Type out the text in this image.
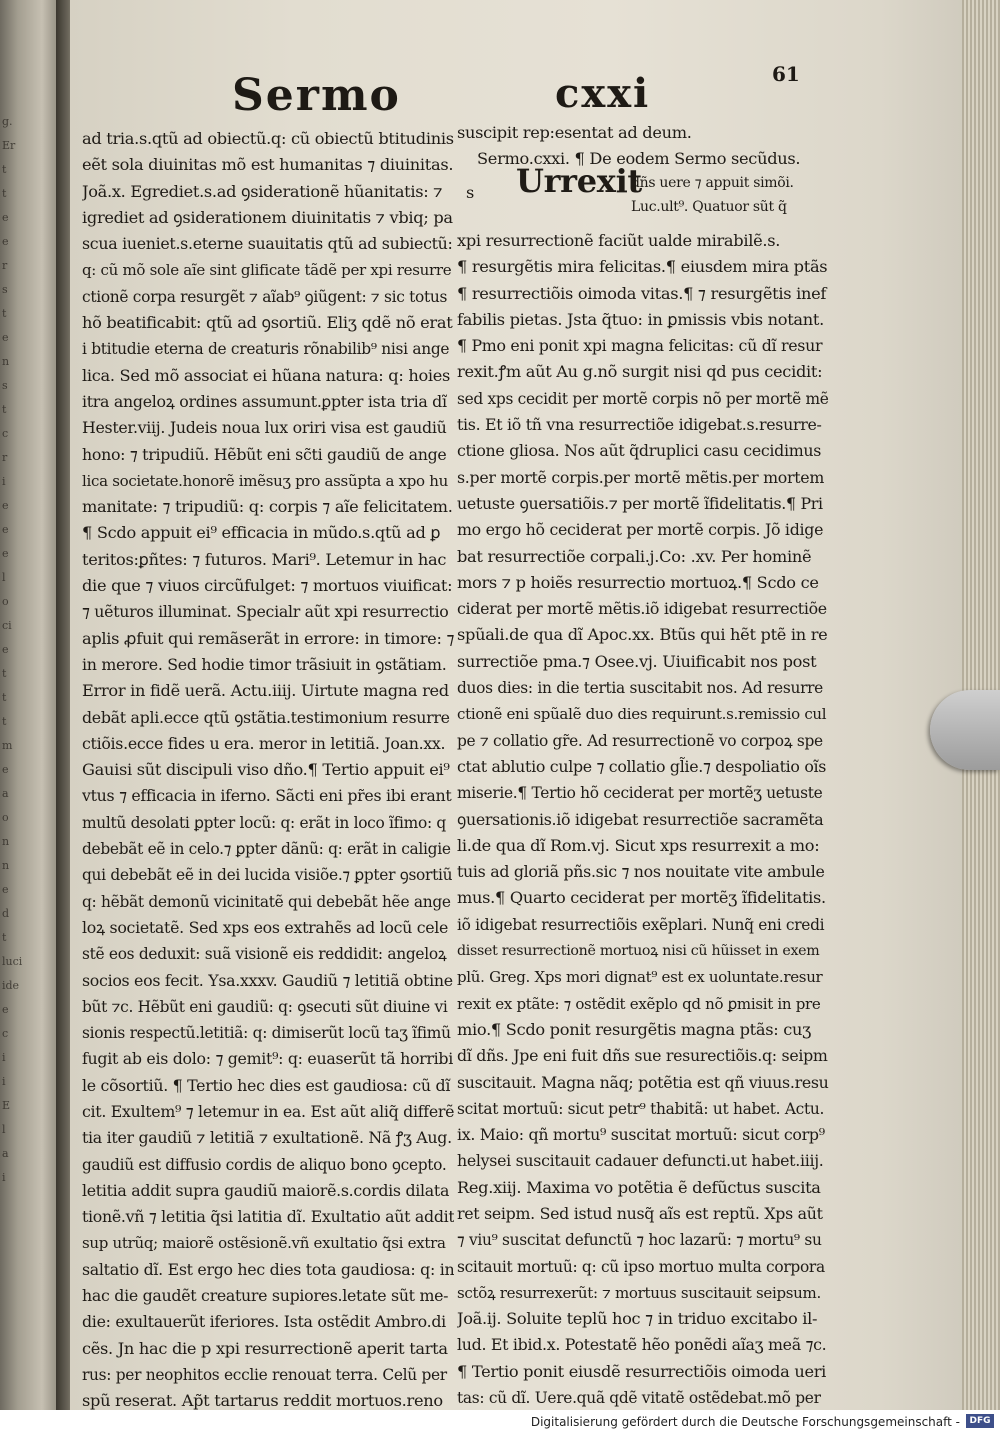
g.
Er
t
t
e
e
r
s
t
e
n
s
t
c
r
i
e
e
e
l
o
ci
e
t
t
t
m
e
a
o
n
n
e
d
t
luci
ide
e
c
i
i
E
l
a
i
Sermo	cxxi	61
ad tria.s.qtũ ad obiectũ.q: cũ obiectũ btitudinis
eẽt sola diuinitas mõ est humanitas ⁊ diuinitas.
Joã.x. Egrediet.s.ad ꝯsiderationẽ hũanitatis: ⁊
igrediet ad ꝯsiderationem diuinitatis ⁊ vbiq; pa
scua iueniet.s.eterne suauitatis qtũ ad subiectũ:
q: cũ mõ sole aĩe sint glificate tãdẽ per xpi resurre
ctionẽ corpa resurgẽt ⁊ aĩab⁹ ꝯiũgent: ⁊ sic totus
hõ beatificabit: qtũ ad ꝯsortiũ. Eliʒ qdẽ nõ erat
i btitudie eterna de creaturis rõnabilib⁹ nisi ange
lica. Sed mõ associat ei hũana natura: q: hoies
itra angeloꝝ ordines assumunt.ꝑpter ista tria dĩ
Hester.viij. Judeis noua lux oriri visa est gaudiũ
hono: ⁊ tripudiũ. Hẽbũt eni sc̃ti gaudiũ de ange
lica societate.honorẽ imẽsuʒ pro assũpta a xpo hu
manitate: ⁊ tripudiũ: q: corpis ⁊ aĩe felicitatem.
¶ Scdo appuit ei⁹ efficacia in mũdo.s.qtũ ad ꝑ
teritos:ꝑñtes: ⁊ futuros. Mari⁹. Letemur in hac
die que ⁊ viuos circũfulget: ⁊ mortuos viuificat:
⁊ uẽturos illuminat. Specialr aũt xpi resurrectio
aplis ꝓfuit qui remãserãt in errore: in timore: ⁊
in merore. Sed hodie timor trãsiuit in ꝯstãtiam.
Error in fidẽ uerã. Actu.iiij. Uirtute magna red
debãt apli.ecce qtũ ꝯstãtia.testimonium resurre
ctiõis.ecce fides u era. meror in letitiã. Joan.xx.
Gauisi sũt discipuli viso dño.¶ Tertio appuit ei⁹
vtus ⁊ efficacia in iferno. Sãcti eni pr̃es ibi erant
multũ desolati ꝑpter locũ: q: erãt in loco ĩfimo: q
debebãt eẽ in celo.⁊ ꝑpter dãnũ: q: erãt in caligie
qui debebãt eẽ in dei lucida visiõe.⁊ ꝑpter ꝯsortiũ
q: hẽbãt demonũ vicinitatẽ qui debebãt hẽe ange
loꝝ societatẽ. Sed xps eos extrahẽs ad locũ cele
stẽ eos deduxit: suã visionẽ eis reddidit: angeloꝝ
socios eos fecit. Ysa.xxxv. Gaudiũ ⁊ letitiã obtine
bũt ⁊c. Hẽbũt eni gaudiũ: q: ꝯsecuti sũt diuine vi
sionis respectũ.letitiã: q: dimiserũt locũ taʒ ĩfimũ
fugit ab eis dolo: ⁊ gemit⁹: q: euaserũt tã horribi
le cõsortiũ. ¶ Tertio hec dies est gaudiosa: cũ dĩ
cit. Exultem⁹ ⁊ letemur in ea. Est aũt aliq̃ differẽ
tia iter gaudiũ ⁊ letitiã ⁊ exultationẽ. Nã ꝭʒ Aug.
gaudiũ est diffusio cordis de aliquo bono ꝯcepto.
letitia addit supra gaudiũ maiorẽ.s.cordis dilata
tionẽ.vñ ⁊ letitia q̃si latitia dĩ. Exultatio aũt addit
sup utrũq; maiorẽ ostẽsionẽ.vñ exultatio q̃si extra
saltatio dĩ. Est ergo hec dies tota gaudiosa: q: in
hac die gaudẽt creature supiores.letate sũt me-
die: exultauerũt iferiores. Ista ostẽdit Ambro.di
cẽs. Jn hac die p xpi resurrectionẽ aperit tarta
rus: per neophitos ecclie renouat terra. Celũ per
spũ reserat. Ap̃t tartarus reddit mortuos.reno
suscipit rep:esentat ad deum.
Sermo.cxxi. ¶ De eodem Sermo secũdus.
s Urrexit
dñs uere ⁊ appuit simõi.
Luc.ult⁹. Quatuor sũt q̃
xpi resurrectionẽ faciũt ualde mirabilẽ.s.
¶ resurgẽtis mira felicitas.¶ eiusdem mira ptãs
¶ resurrectiõis oimoda vitas.¶ ⁊ resurgẽtis inef
fabilis pietas. Jsta q̃tuo: in ꝑmissis vbis notant.
¶ Pmo eni ponit xpi magna felicitas: cũ dĩ resur
rexit.ꝭm aũt Au g.nõ surgit nisi qd pus cecidit:
sed xps cecidit per mortẽ corpis nõ per mortẽ mẽ
tis. Et iõ tñ vna resurrectiõe idigebat.s.resurre-
ctione gliosa. Nos aũt q̃druplici casu cecidimus
s.per mortẽ corpis.per mortẽ mẽtis.per mortem
uetuste ꝯuersatiõis.⁊ per mortẽ ĩfidelitatis.¶ Pri
mo ergo hõ ceciderat per mortẽ corpis. Jõ idige
bat resurrectiõe corpali.j.Co: .xv. Per hominẽ
mors ⁊ p hoiẽs resurrectio mortuoꝝ.¶ Scdo ce
ciderat per mortẽ mẽtis.iõ idigebat resurrectiõe
spũali.de qua dĩ Apoc.xx. Btũs qui hẽt ptẽ in re
surrectiõe pma.⁊ Osee.vj. Uiuificabit nos post
duos dies: in die tertia suscitabit nos. Ad resurre
ctionẽ eni spũalẽ duo dies requirunt.s.remissio cul
pe ⁊ collatio gr̃e. Ad resurrectionẽ vo corpoꝝ spe
ctat ablutio culpe ⁊ collatio gl̃ie.⁊ despoliatio oĩs
miserie.¶ Tertio hõ ceciderat per mortẽʒ uetuste
ꝯuersationis.iõ idigebat resurrectiõe sacramẽta
li.de qua dĩ Rom.vj. Sicut xps resurrexit a mo:
tuis ad gloriã pñs.sic ⁊ nos nouitate vite ambule
mus.¶ Quarto ceciderat per mortẽʒ ĩfidelitatis.
iõ idigebat resurrectiõis exẽplari. Nunq̃ eni credi
disset resurrectionẽ mortuoꝝ nisi cũ hũisset in exem
plũ. Greg. Xps mori dignat⁹ est ex uoluntate.resur
rexit ex ptãte: ⁊ ostẽdit exẽplo qd nõ ꝑmisit in pre
mio.¶ Scdo ponit resurgẽtis magna ptãs: cuʒ
dĩ dñs. Jpe eni fuit dñs sue resurectiõis.q: seipm
suscitauit. Magna nãq; potẽtia est qñ viuus.resu
scitat mortuũ: sicut petr⁹ thabitã: ut habet. Actu.
ix. Maio: qñ mortu⁹ suscitat mortuũ: sicut corp⁹
helysei suscitauit cadauer defuncti.ut habet.iiij.
Reg.xiij. Maxima vo potẽtia ẽ defũctus suscita
ret seipm. Sed istud nusq̃ aĩs est reptũ. Xps aũt
⁊ viu⁹ suscitat defunctũ ⁊ hoc lazarũ: ⁊ mortu⁹ su
scitauit mortuũ: q: cũ ipso mortuo multa corpora
sctõꝝ resurrexerũt: ⁊ mortuus suscitauit seipsum.
Joã.ij. Soluite teplũ hoc ⁊ in triduo excitabo il-
lud. Et ibid.x. Potestatẽ hẽo ponẽdi aĩaʒ meã ⁊c.
¶ Tertio ponit eiusdẽ resurrectiõis oimoda ueri
tas: cũ dĩ. Uere.quã qdẽ vitatẽ ostẽdebat.mõ per
Digitalisierung gefördert durch die Deutsche Forschungsgemeinschaft -	DFG
